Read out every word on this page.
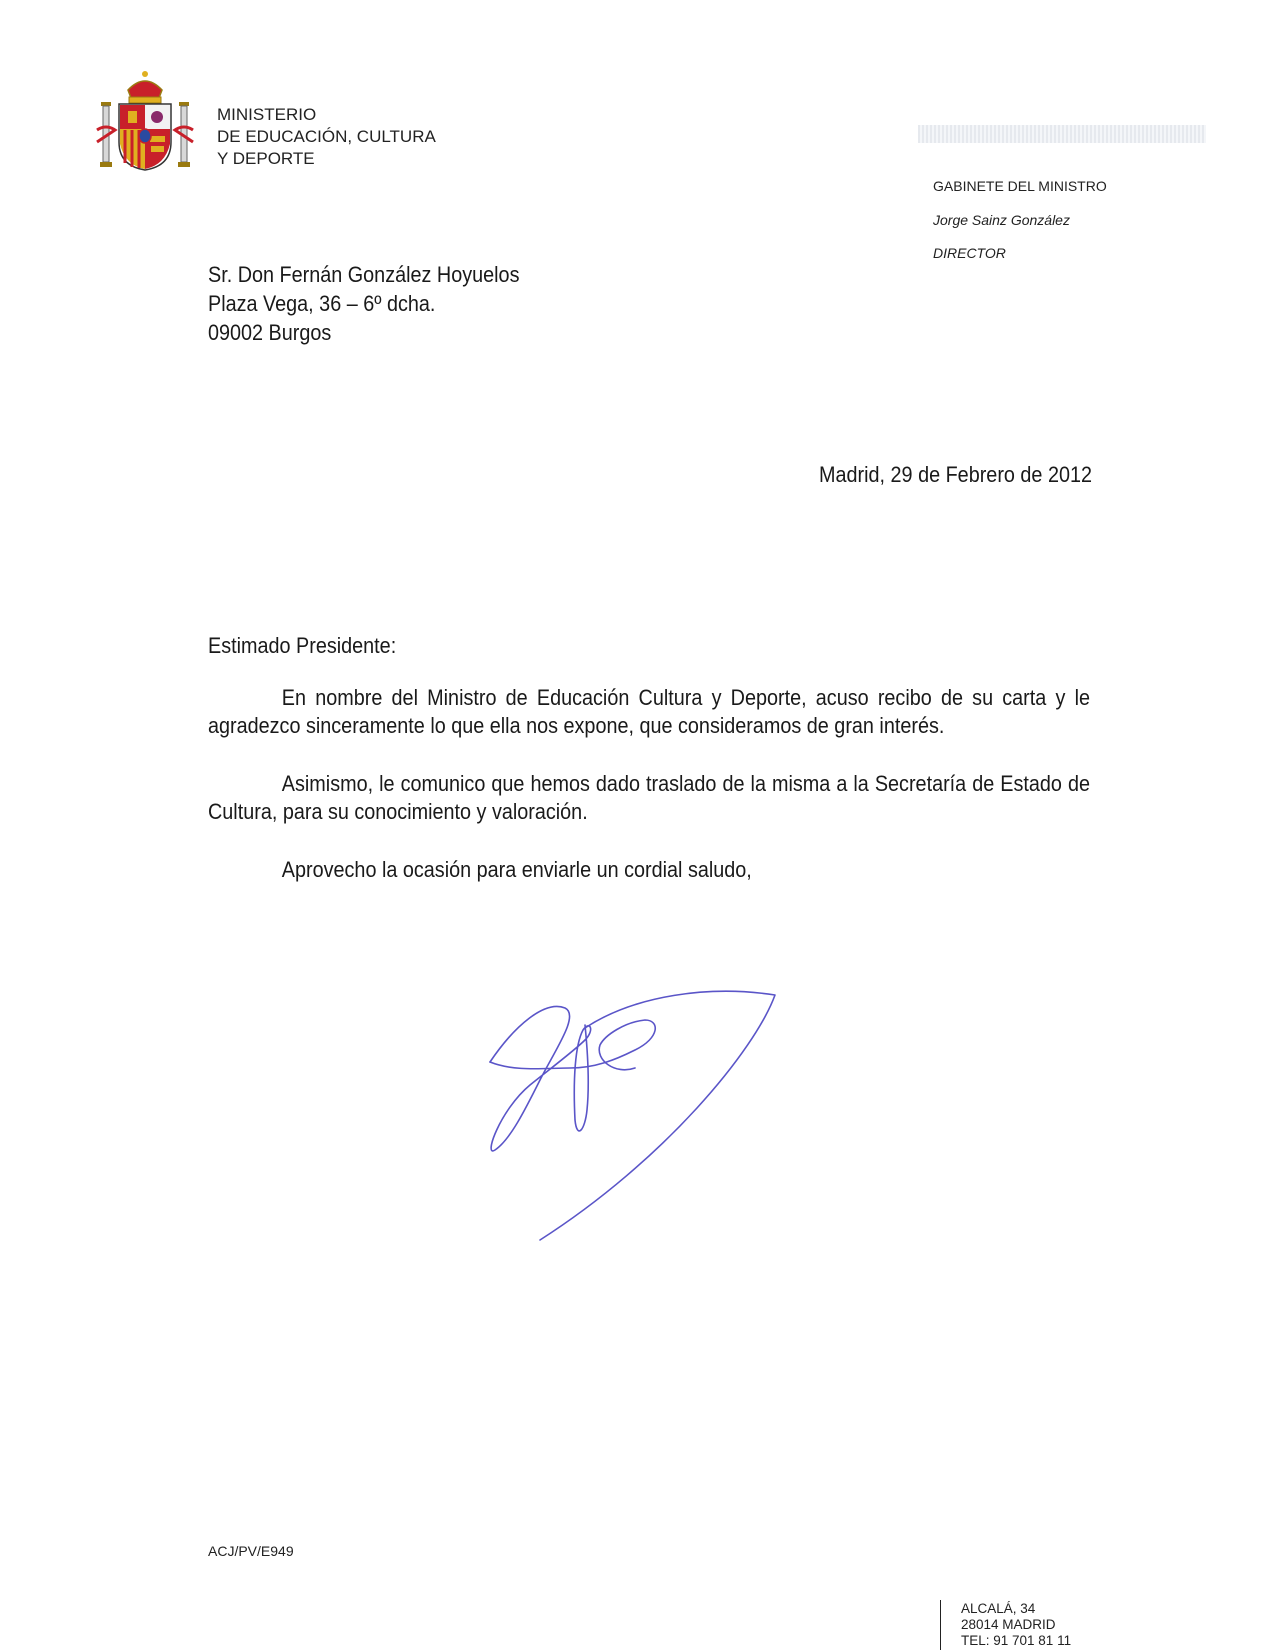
MINISTERIO
DE EDUCACIÓN, CULTURA
Y DEPORTE
GABINETE DEL MINISTRO
Jorge Sainz González
DIRECTOR
Sr. Don Fernán González Hoyuelos
Plaza Vega, 36 – 6º dcha.
09002 Burgos
Madrid, 29 de Febrero de 2012

Estimado Presidente:

En nombre del Ministro de Educación Cultura y Deporte, acuso recibo de su carta y le agradezco sinceramente lo que ella nos expone, que consideramos de gran interés.

Asimismo, le comunico que hemos dado traslado de la misma a la Secretaría de Estado de Cultura, para su conocimiento y valoración.

Aprovecho la ocasión para enviarle un cordial saludo,

ACJ/PV/E949
ALCALÁ, 34
28014 MADRID
TEL: 91 701 81 11
